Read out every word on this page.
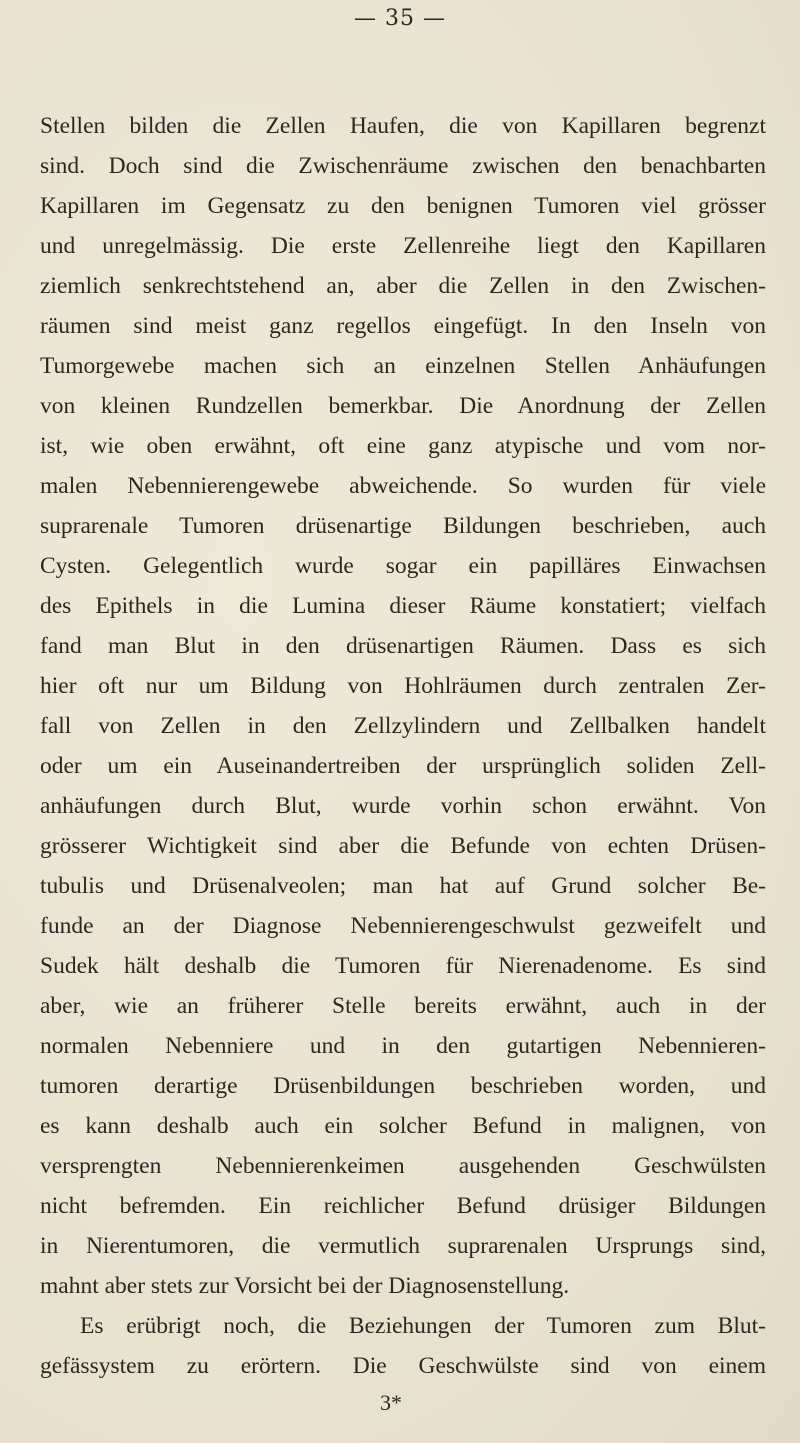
— 35 —
Stellen bilden die Zellen Haufen, die von Kapillaren begrenzt
sind. Doch sind die Zwischenräume zwischen den benachbarten
Kapillaren im Gegensatz zu den benignen Tumoren viel grösser
und unregelmässig. Die erste Zellenreihe liegt den Kapillaren
ziemlich senkrechtstehend an, aber die Zellen in den Zwischen-
räumen sind meist ganz regellos eingefügt. In den Inseln von
Tumorgewebe machen sich an einzelnen Stellen Anhäufungen
von kleinen Rundzellen bemerkbar. Die Anordnung der Zellen
ist, wie oben erwähnt, oft eine ganz atypische und vom nor-
malen Nebennierengewebe abweichende. So wurden für viele
suprarenale Tumoren drüsenartige Bildungen beschrieben, auch
Cysten. Gelegentlich wurde sogar ein papilläres Einwachsen
des Epithels in die Lumina dieser Räume konstatiert; vielfach
fand man Blut in den drüsenartigen Räumen. Dass es sich
hier oft nur um Bildung von Hohlräumen durch zentralen Zer-
fall von Zellen in den Zellzylindern und Zellbalken handelt
oder um ein Auseinandertreiben der ursprünglich soliden Zell-
anhäufungen durch Blut, wurde vorhin schon erwähnt. Von
grösserer Wichtigkeit sind aber die Befunde von echten Drüsen-
tubulis und Drüsenalveolen; man hat auf Grund solcher Be-
funde an der Diagnose Nebennierengeschwulst gezweifelt und
Sudek hält deshalb die Tumoren für Nierenadenome. Es sind
aber, wie an früherer Stelle bereits erwähnt, auch in der
normalen Nebenniere und in den gutartigen Nebennieren-
tumoren derartige Drüsenbildungen beschrieben worden, und
es kann deshalb auch ein solcher Befund in malignen, von
versprengten Nebennierenkeimen ausgehenden Geschwülsten
nicht befremden. Ein reichlicher Befund drüsiger Bildungen
in Nierentumoren, die vermutlich suprarenalen Ursprungs sind,
mahnt aber stets zur Vorsicht bei der Diagnosenstellung.
Es erübrigt noch, die Beziehungen der Tumoren zum Blut-
gefässystem zu erörtern. Die Geschwülste sind von einem
3*
